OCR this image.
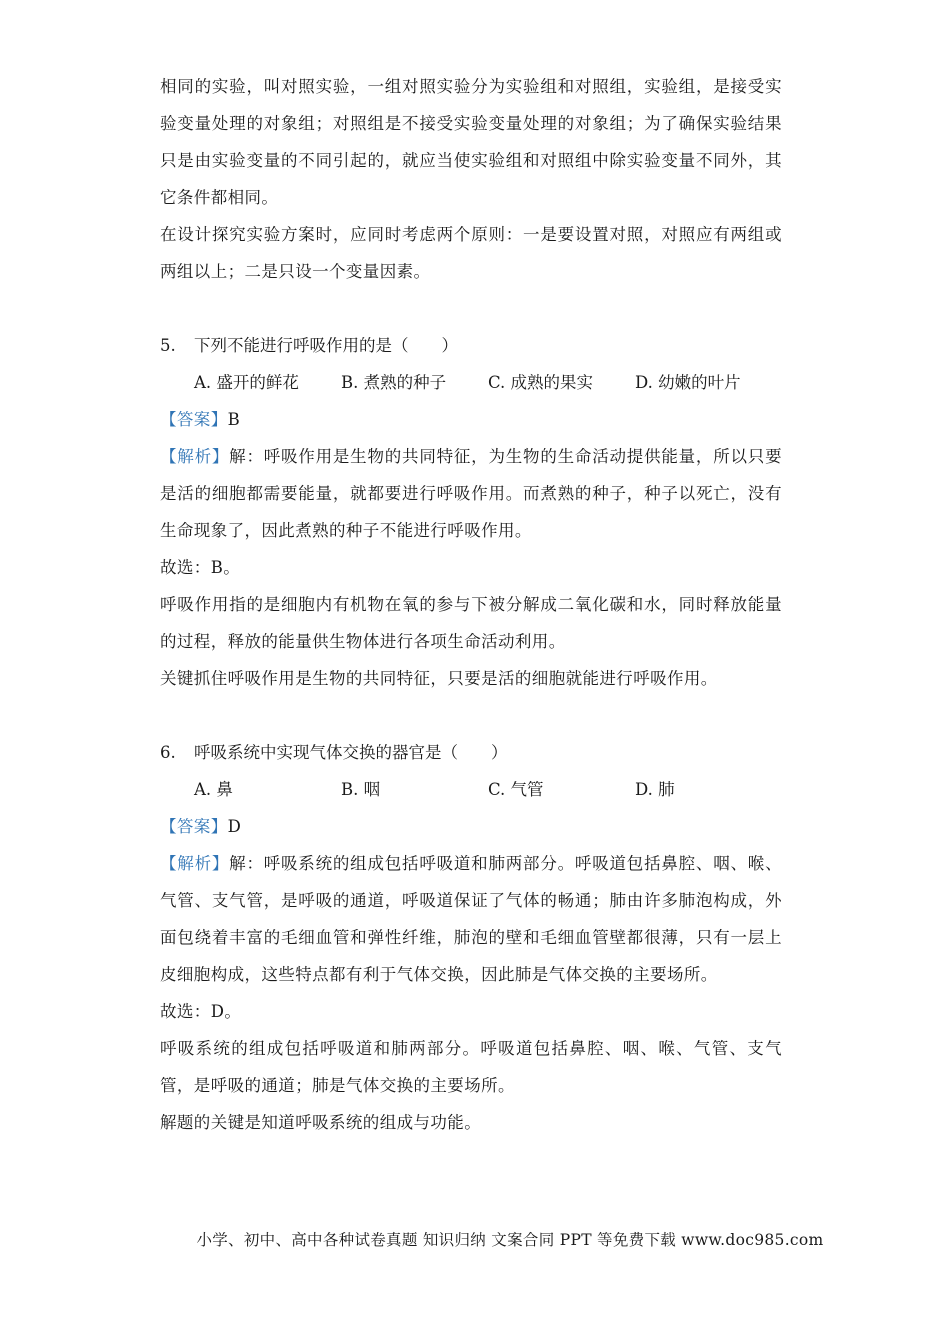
相同的实验，叫对照实验，一组对照实验分为实验组和对照组，实验组，是接受实验变量处理的对象组；对照组是不接受实验变量处理的对象组；为了确保实验结果只是由实验变量的不同引起的，就应当使实验组和对照组中除实验变量不同外，其它条件都相同。

在设计探究实验方案时，应同时考虑两个原则：一是要设置对照，对照应有两组或两组以上；二是只设一个变量因素。

5.	下列不能进行呼吸作用的是（　　）
A. 盛开的鲜花	B. 煮熟的种子	C. 成熟的果实	D. 幼嫩的叶片

【答案】B

【解析】解：呼吸作用是生物的共同特征，为生物的生命活动提供能量，所以只要是活的细胞都需要能量，就都要进行呼吸作用。而煮熟的种子，种子以死亡，没有生命现象了，因此煮熟的种子不能进行呼吸作用。

故选：B。

呼吸作用指的是细胞内有机物在氧的参与下被分解成二氧化碳和水，同时释放能量的过程，释放的能量供生物体进行各项生命活动利用。

关键抓住呼吸作用是生物的共同特征，只要是活的细胞就能进行呼吸作用。

6.	呼吸系统中实现气体交换的器官是（　　）
A. 鼻	B. 咽	C. 气管	D. 肺

【答案】D

【解析】解：呼吸系统的组成包括呼吸道和肺两部分。呼吸道包括鼻腔、咽、喉、气管、支气管，是呼吸的通道，呼吸道保证了气体的畅通；肺由许多肺泡构成，外面包绕着丰富的毛细血管和弹性纤维，肺泡的壁和毛细血管壁都很薄，只有一层上皮细胞构成，这些特点都有利于气体交换，因此肺是气体交换的主要场所。

故选：D。

呼吸系统的组成包括呼吸道和肺两部分。呼吸道包括鼻腔、咽、喉、气管、支气管，是呼吸的通道；肺是气体交换的主要场所。

解题的关键是知道呼吸系统的组成与功能。

小学、初中、高中各种试卷真题 知识归纳 文案合同 PPT 等免费下载 www.doc985.com
